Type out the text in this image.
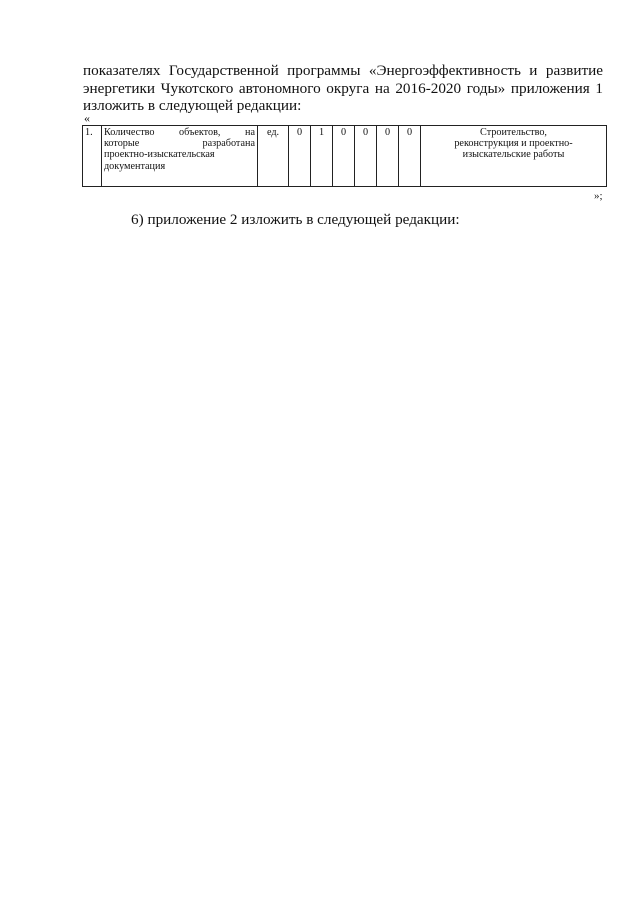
показателях Государственной программы «Энергоэффективность и развитие
энергетики Чукотского автономного округа на 2016-2020 годы» приложения 1
изложить в следующей редакции:
«
1.	Количество объектов, на
которые разработана
проектно-изыскательская
документация
	ед.	0	1	0	0	0	0	Строительство,
реконструкция и проектно-
изыскательские работы
»;
6) приложение 2 изложить в следующей редакции:
